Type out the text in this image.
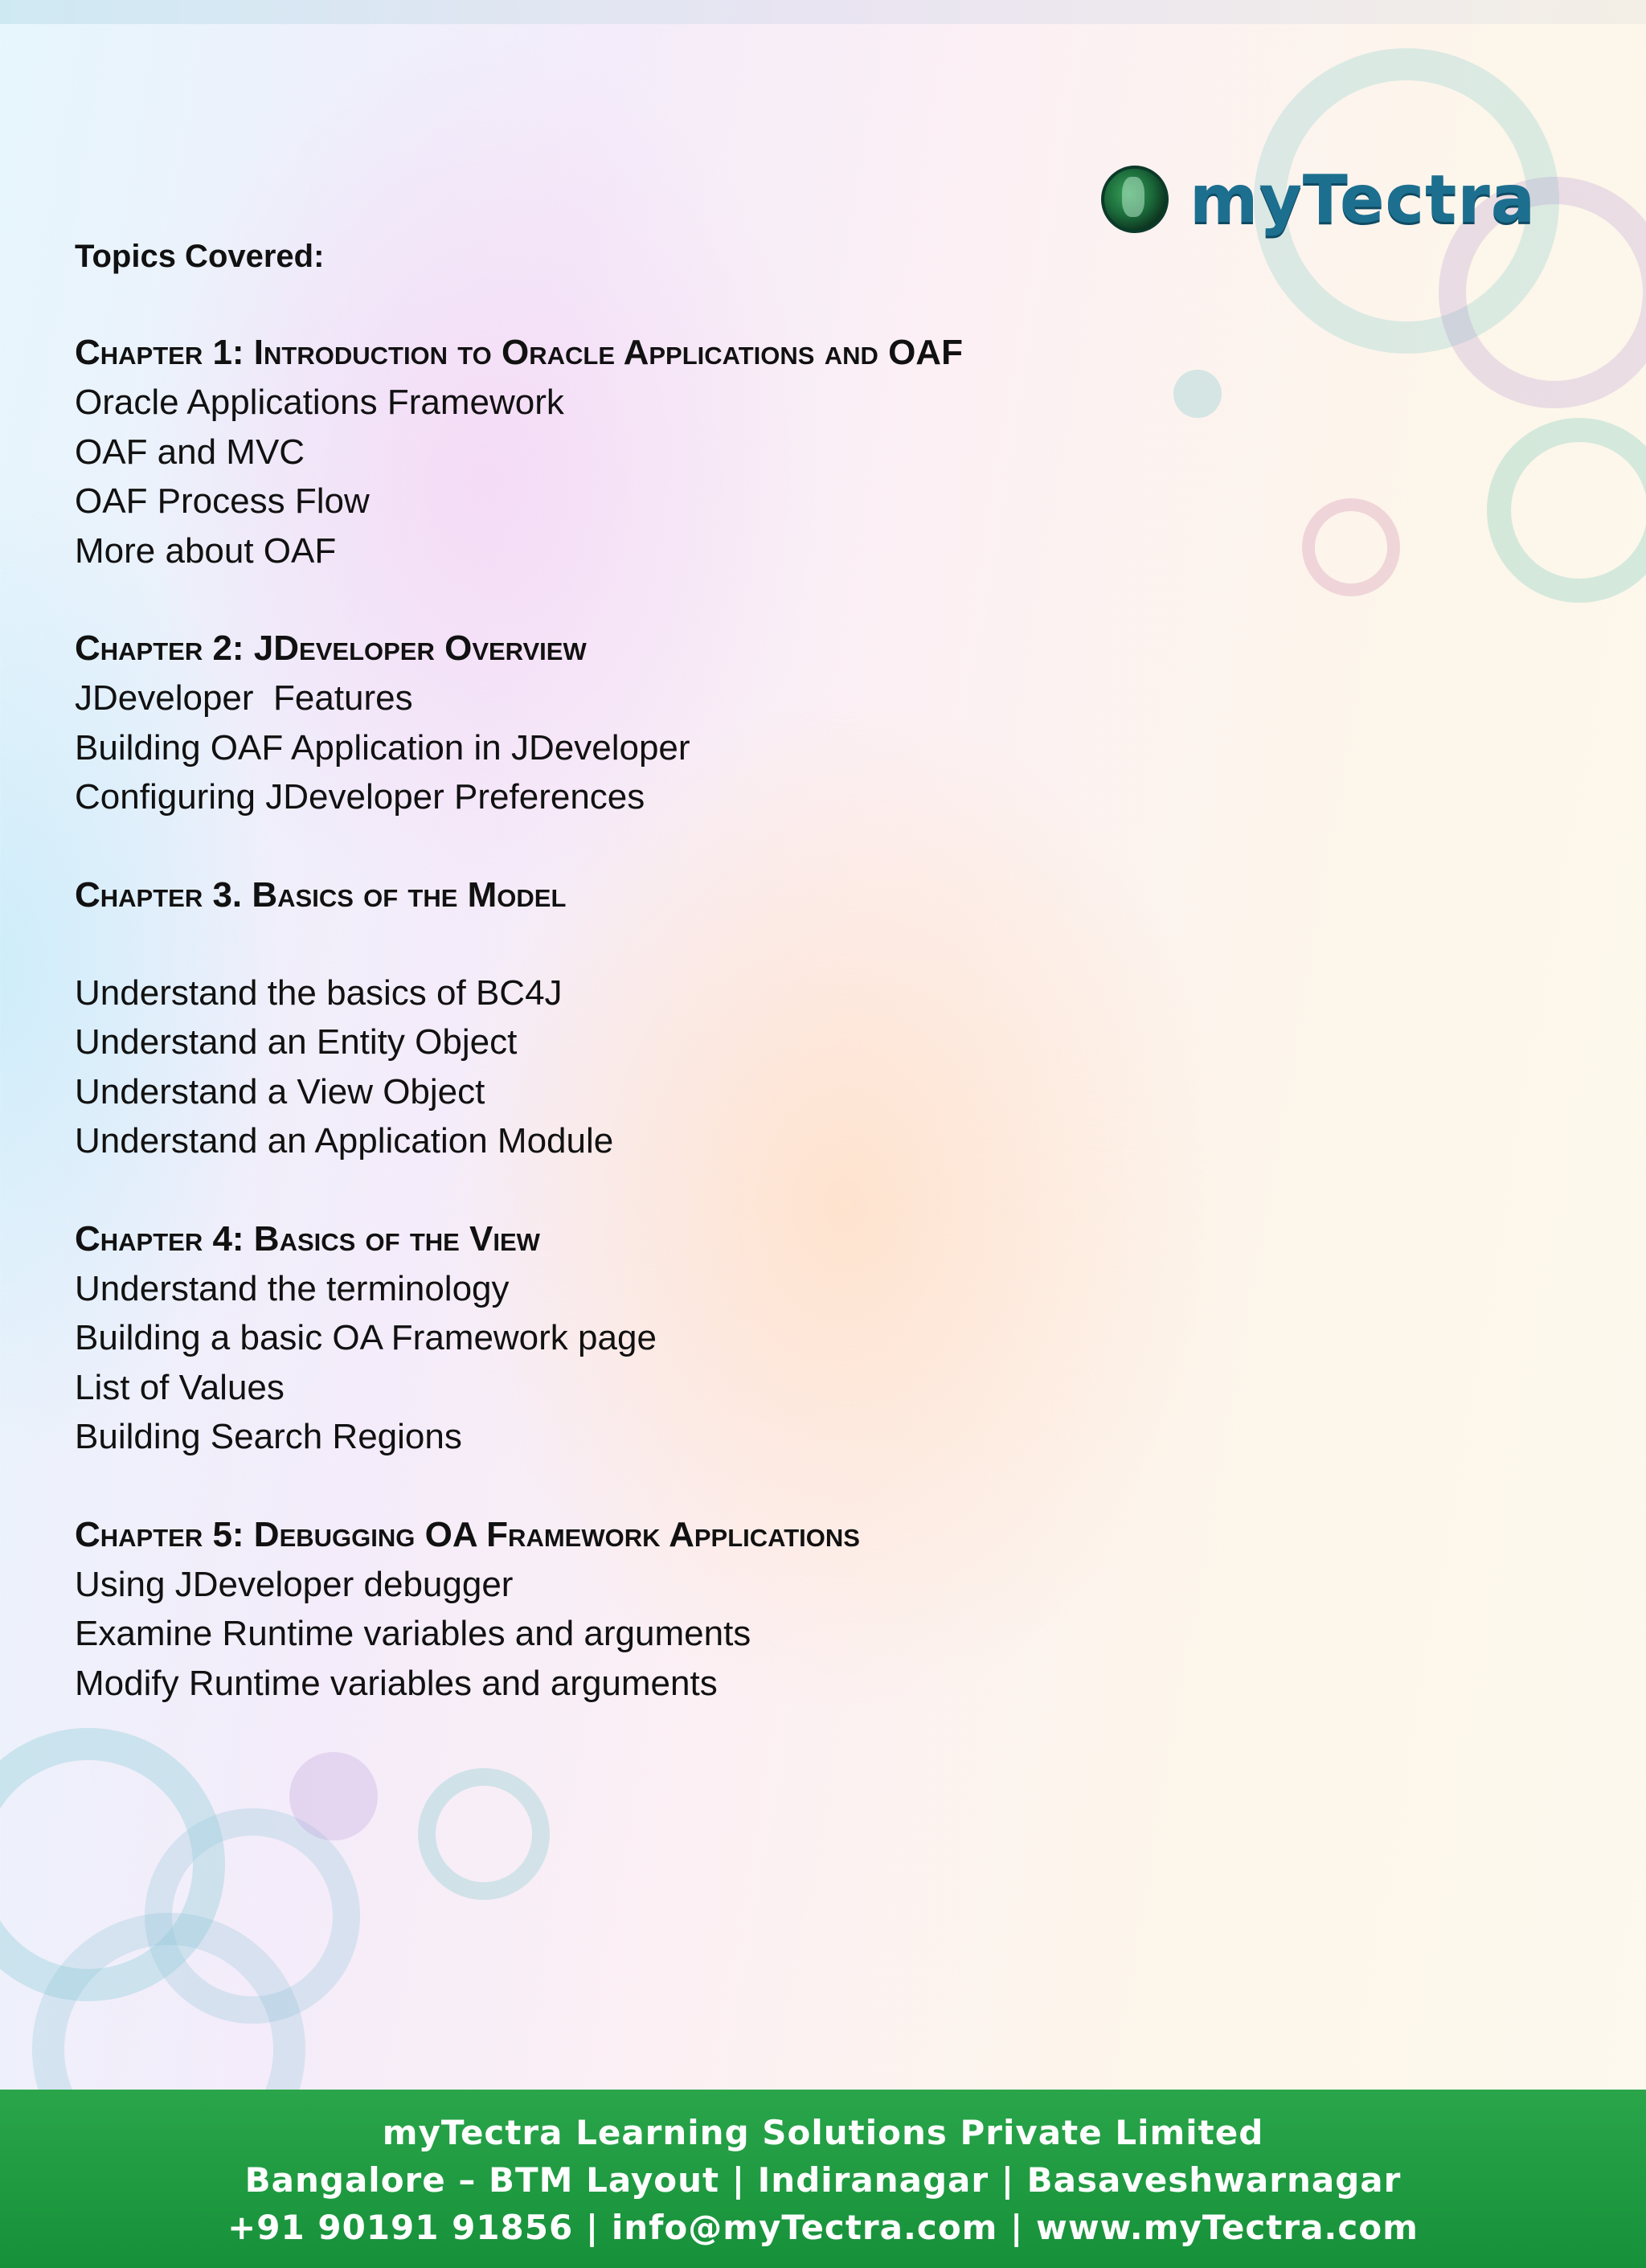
myTectra

Topics Covered:

Chapter 1: Introduction to Oracle Applications and OAF

Oracle Applications Framework

OAF and MVC

OAF Process Flow

More about OAF

Chapter 2: JDeveloper Overview

JDeveloper  Features

Building OAF Application in JDeveloper

Configuring JDeveloper Preferences

Chapter 3. Basics of the Model

Understand the basics of BC4J

Understand an Entity Object

Understand a View Object

Understand an Application Module

Chapter 4: Basics of the View

Understand the terminology

Building a basic OA Framework page

List of Values

Building Search Regions

Chapter 5: Debugging OA Framework Applications

Using JDeveloper debugger

Examine Runtime variables and arguments

Modify Runtime variables and arguments

myTectra Learning Solutions Private Limited
Bangalore – BTM Layout | Indiranagar | Basaveshwarnagar
+91 90191 91856 | info@myTectra.com | www.myTectra.com
